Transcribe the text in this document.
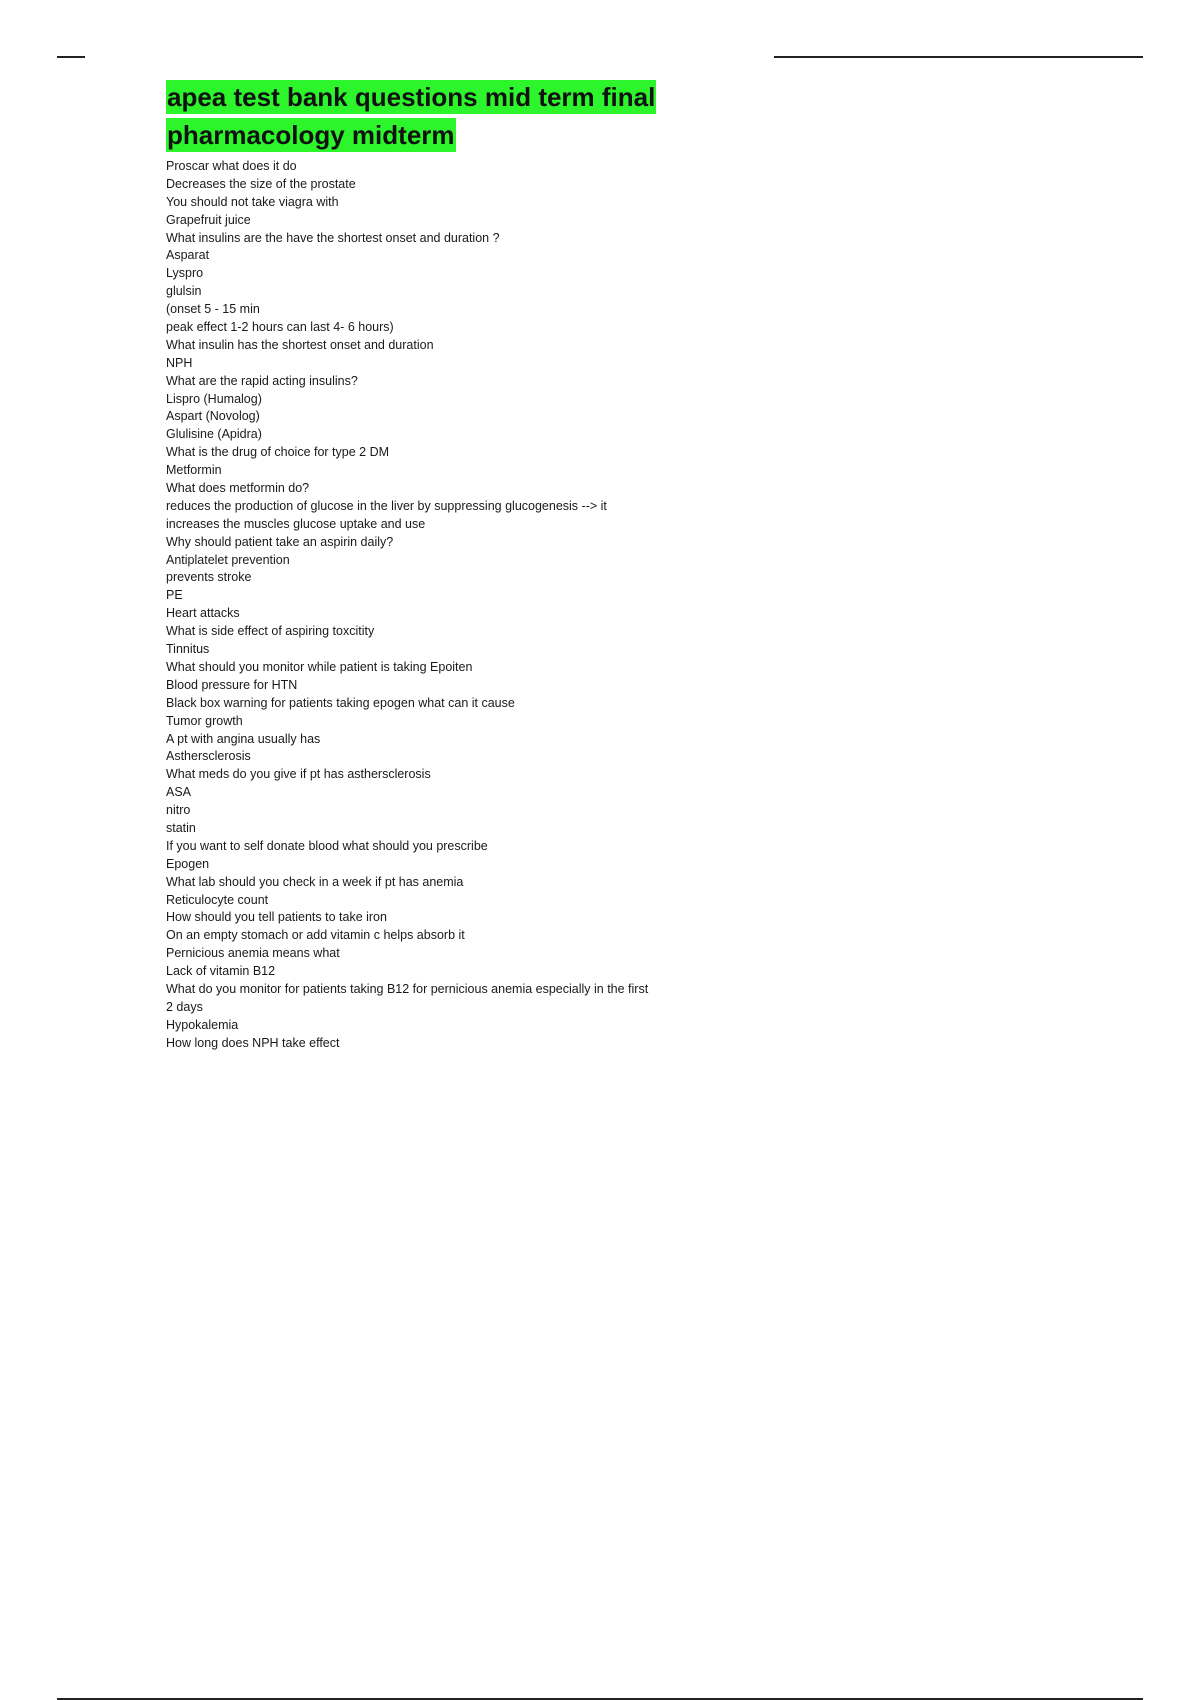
apea test bank questions mid term final
pharmacology midterm
Proscar what does it do
Decreases the size of the prostate
You should not take viagra with
Grapefruit juice
What insulins are the have the shortest onset and duration ?
Asparat
Lyspro
glulsin
(onset 5 - 15 min
peak effect 1-2 hours can last 4- 6 hours)
What insulin has the shortest onset and duration
NPH
What are the rapid acting insulins?
Lispro (Humalog)
Aspart (Novolog)
Glulisine (Apidra)
What is the drug of choice for type 2 DM
Metformin
What does metformin do?
reduces the production of glucose in the liver by suppressing glucogenesis --> it
increases the muscles glucose uptake and use
Why should patient take an aspirin daily?
Antiplatelet prevention
prevents stroke
PE
Heart attacks
What is side effect of aspiring toxcitity
Tinnitus
What should you monitor while patient is taking Epoiten
Blood pressure for HTN
Black box warning for patients taking epogen what can it cause
Tumor growth
A pt with angina usually has
Asthersclerosis
What meds do you give if pt has asthersclerosis
ASA
nitro
statin
If you want to self donate blood what should you prescribe
Epogen
What lab should you check in a week if pt has anemia
Reticulocyte count
How should you tell patients to take iron
On an empty stomach or add vitamin c helps absorb it
Pernicious anemia means what
Lack of vitamin B12
What do you monitor for patients taking B12 for pernicious anemia especially in the first
2 days
Hypokalemia
How long does NPH take effect
